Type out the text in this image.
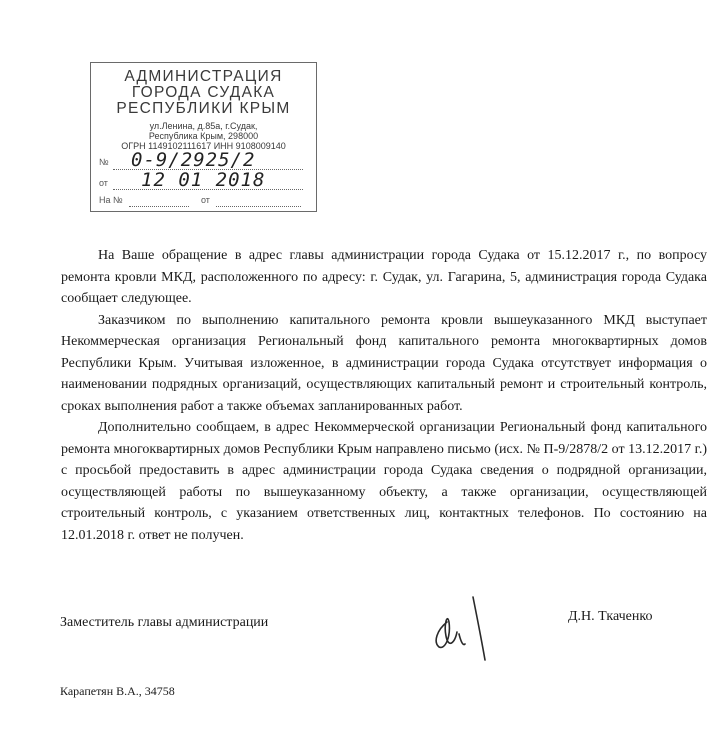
АДМИНИСТРАЦИЯ
ГОРОДА СУДАКА
РЕСПУБЛИКИ КРЫМ
ул.Ленина, д.85а, г.Судак,
Республика Крым, 298000
ОГРН 1149102111617 ИНН 9108009140
№ 0-9/2925/2
от 12 01 2018
На №	от

На Ваше обращение в адрес главы администрации города Судака от 15.12.2017 г., по вопросу ремонта кровли МКД, расположенного по адресу: г. Судак, ул. Гагарина, 5, администрация города Судака сообщает следующее.

Заказчиком по выполнению капитального ремонта кровли вышеуказанного МКД выступает Некоммерческая организация Региональный фонд капитального ремонта многоквартирных домов Республики Крым. Учитывая изложенное, в администрации города Судака отсутствует информация о наименовании подрядных организаций, осуществляющих капитальный ремонт и строительный контроль, сроках выполнения работ а также объемах запланированных работ.

Дополнительно сообщаем, в адрес Некоммерческой организации Региональный фонд капитального ремонта многоквартирных домов Республики Крым направлено письмо (исх. № П-9/2878/2 от 13.12.2017 г.) с просьбой предоставить в адрес администрации города Судака сведения о подрядной организации, осуществляющей работы по вышеуказанному объекту, а также организации, осуществляющей строительный контроль, с указанием ответственных лиц, контактных телефонов. По состоянию на 12.01.2018 г. ответ не получен.

Заместитель главы администрации	Д.Н. Ткаченко
Карапетян В.А., 34758
